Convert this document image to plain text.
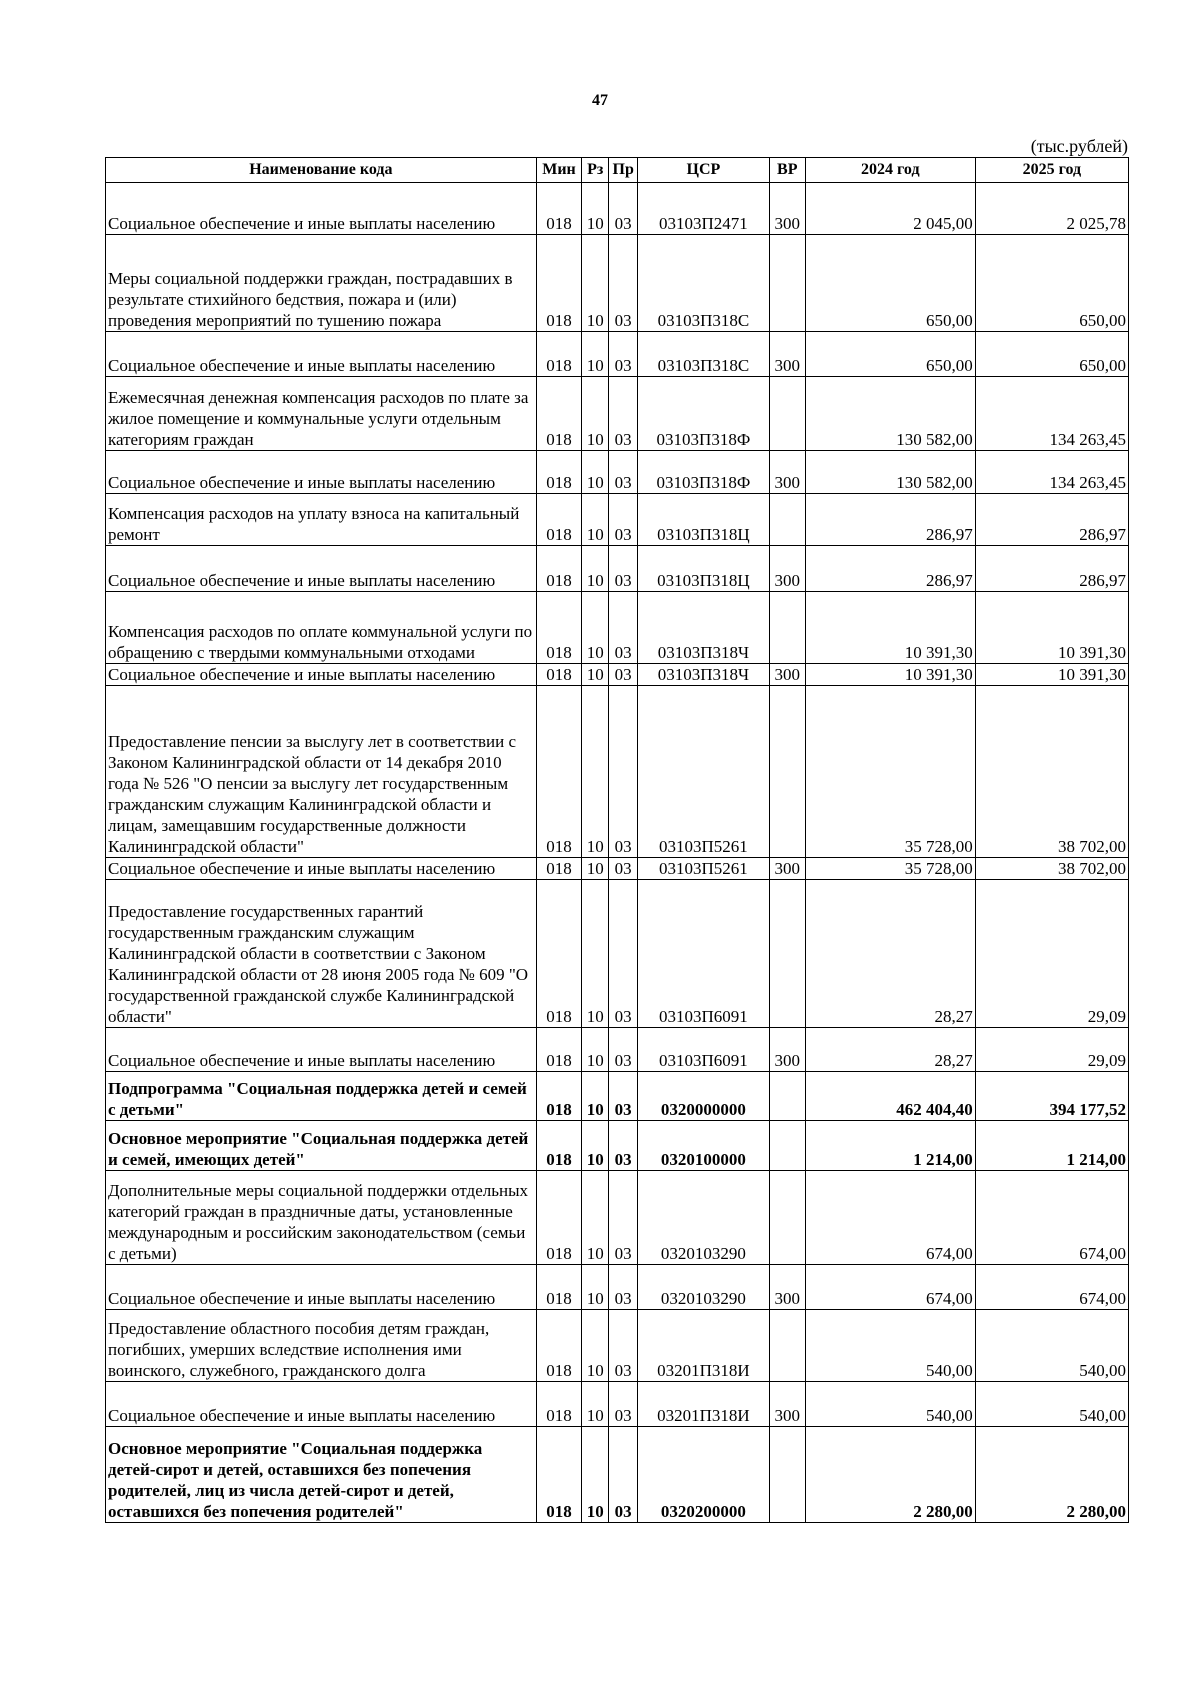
47
(тыс.рублей)
Наименование кода	Мин	Рз	Пр	ЦСР	ВР	2024 год	2025 год
Социальное обеспечение и иные выплаты населению	018	10	03	03103П2471	300	2 045,00	2 025,78
Меры социальной поддержки граждан, пострадавших в результате стихийного бедствия, пожара и (или) проведения мероприятий по тушению пожара	018	10	03	03103П318С		650,00	650,00
Социальное обеспечение и иные выплаты населению	018	10	03	03103П318С	300	650,00	650,00
Ежемесячная денежная компенсация расходов по плате за жилое помещение и коммунальные услуги отдельным категориям граждан	018	10	03	03103П318Ф		130 582,00	134 263,45
Социальное обеспечение и иные выплаты населению	018	10	03	03103П318Ф	300	130 582,00	134 263,45
Компенсация расходов на уплату взноса на капитальный ремонт	018	10	03	03103П318Ц		286,97	286,97
Социальное обеспечение и иные выплаты населению	018	10	03	03103П318Ц	300	286,97	286,97
Компенсация расходов по оплате коммунальной услуги по обращению с твердыми коммунальными отходами	018	10	03	03103П318Ч		10 391,30	10 391,30
Социальное обеспечение и иные выплаты населению	018	10	03	03103П318Ч	300	10 391,30	10 391,30
Предоставление пенсии за выслугу лет в соответствии с Законом Калининградской области от 14 декабря 2010 года № 526 "О пенсии за выслугу лет государственным гражданским служащим Калининградской области и лицам, замещавшим государственные должности Калининградской области"	018	10	03	03103П5261		35 728,00	38 702,00
Социальное обеспечение и иные выплаты населению	018	10	03	03103П5261	300	35 728,00	38 702,00
Предоставление государственных гарантий государственным гражданским служащим Калининградской области в соответствии с Законом Калининградской области от 28 июня 2005 года № 609 "О государственной гражданской службе Калининградской области"	018	10	03	03103П6091		28,27	29,09
Социальное обеспечение и иные выплаты населению	018	10	03	03103П6091	300	28,27	29,09
Подпрограмма "Социальная поддержка детей и семей с детьми"	018	10	03	0320000000		462 404,40	394 177,52
Основное мероприятие "Социальная поддержка детей и семей, имеющих детей"	018	10	03	0320100000		1 214,00	1 214,00
Дополнительные меры социальной поддержки отдельных категорий граждан в праздничные даты, установленные международным и российским законодательством (семьи с детьми)	018	10	03	0320103290		674,00	674,00
Социальное обеспечение и иные выплаты населению	018	10	03	0320103290	300	674,00	674,00
Предоставление областного пособия детям граждан, погибших, умерших вследствие исполнения ими воинского, служебного, гражданского долга	018	10	03	03201П318И		540,00	540,00
Социальное обеспечение и иные выплаты населению	018	10	03	03201П318И	300	540,00	540,00
Основное мероприятие "Социальная поддержка детей-сирот и детей, оставшихся без попечения родителей, лиц из числа детей-сирот и детей, оставшихся без попечения родителей"	018	10	03	0320200000		2 280,00	2 280,00
